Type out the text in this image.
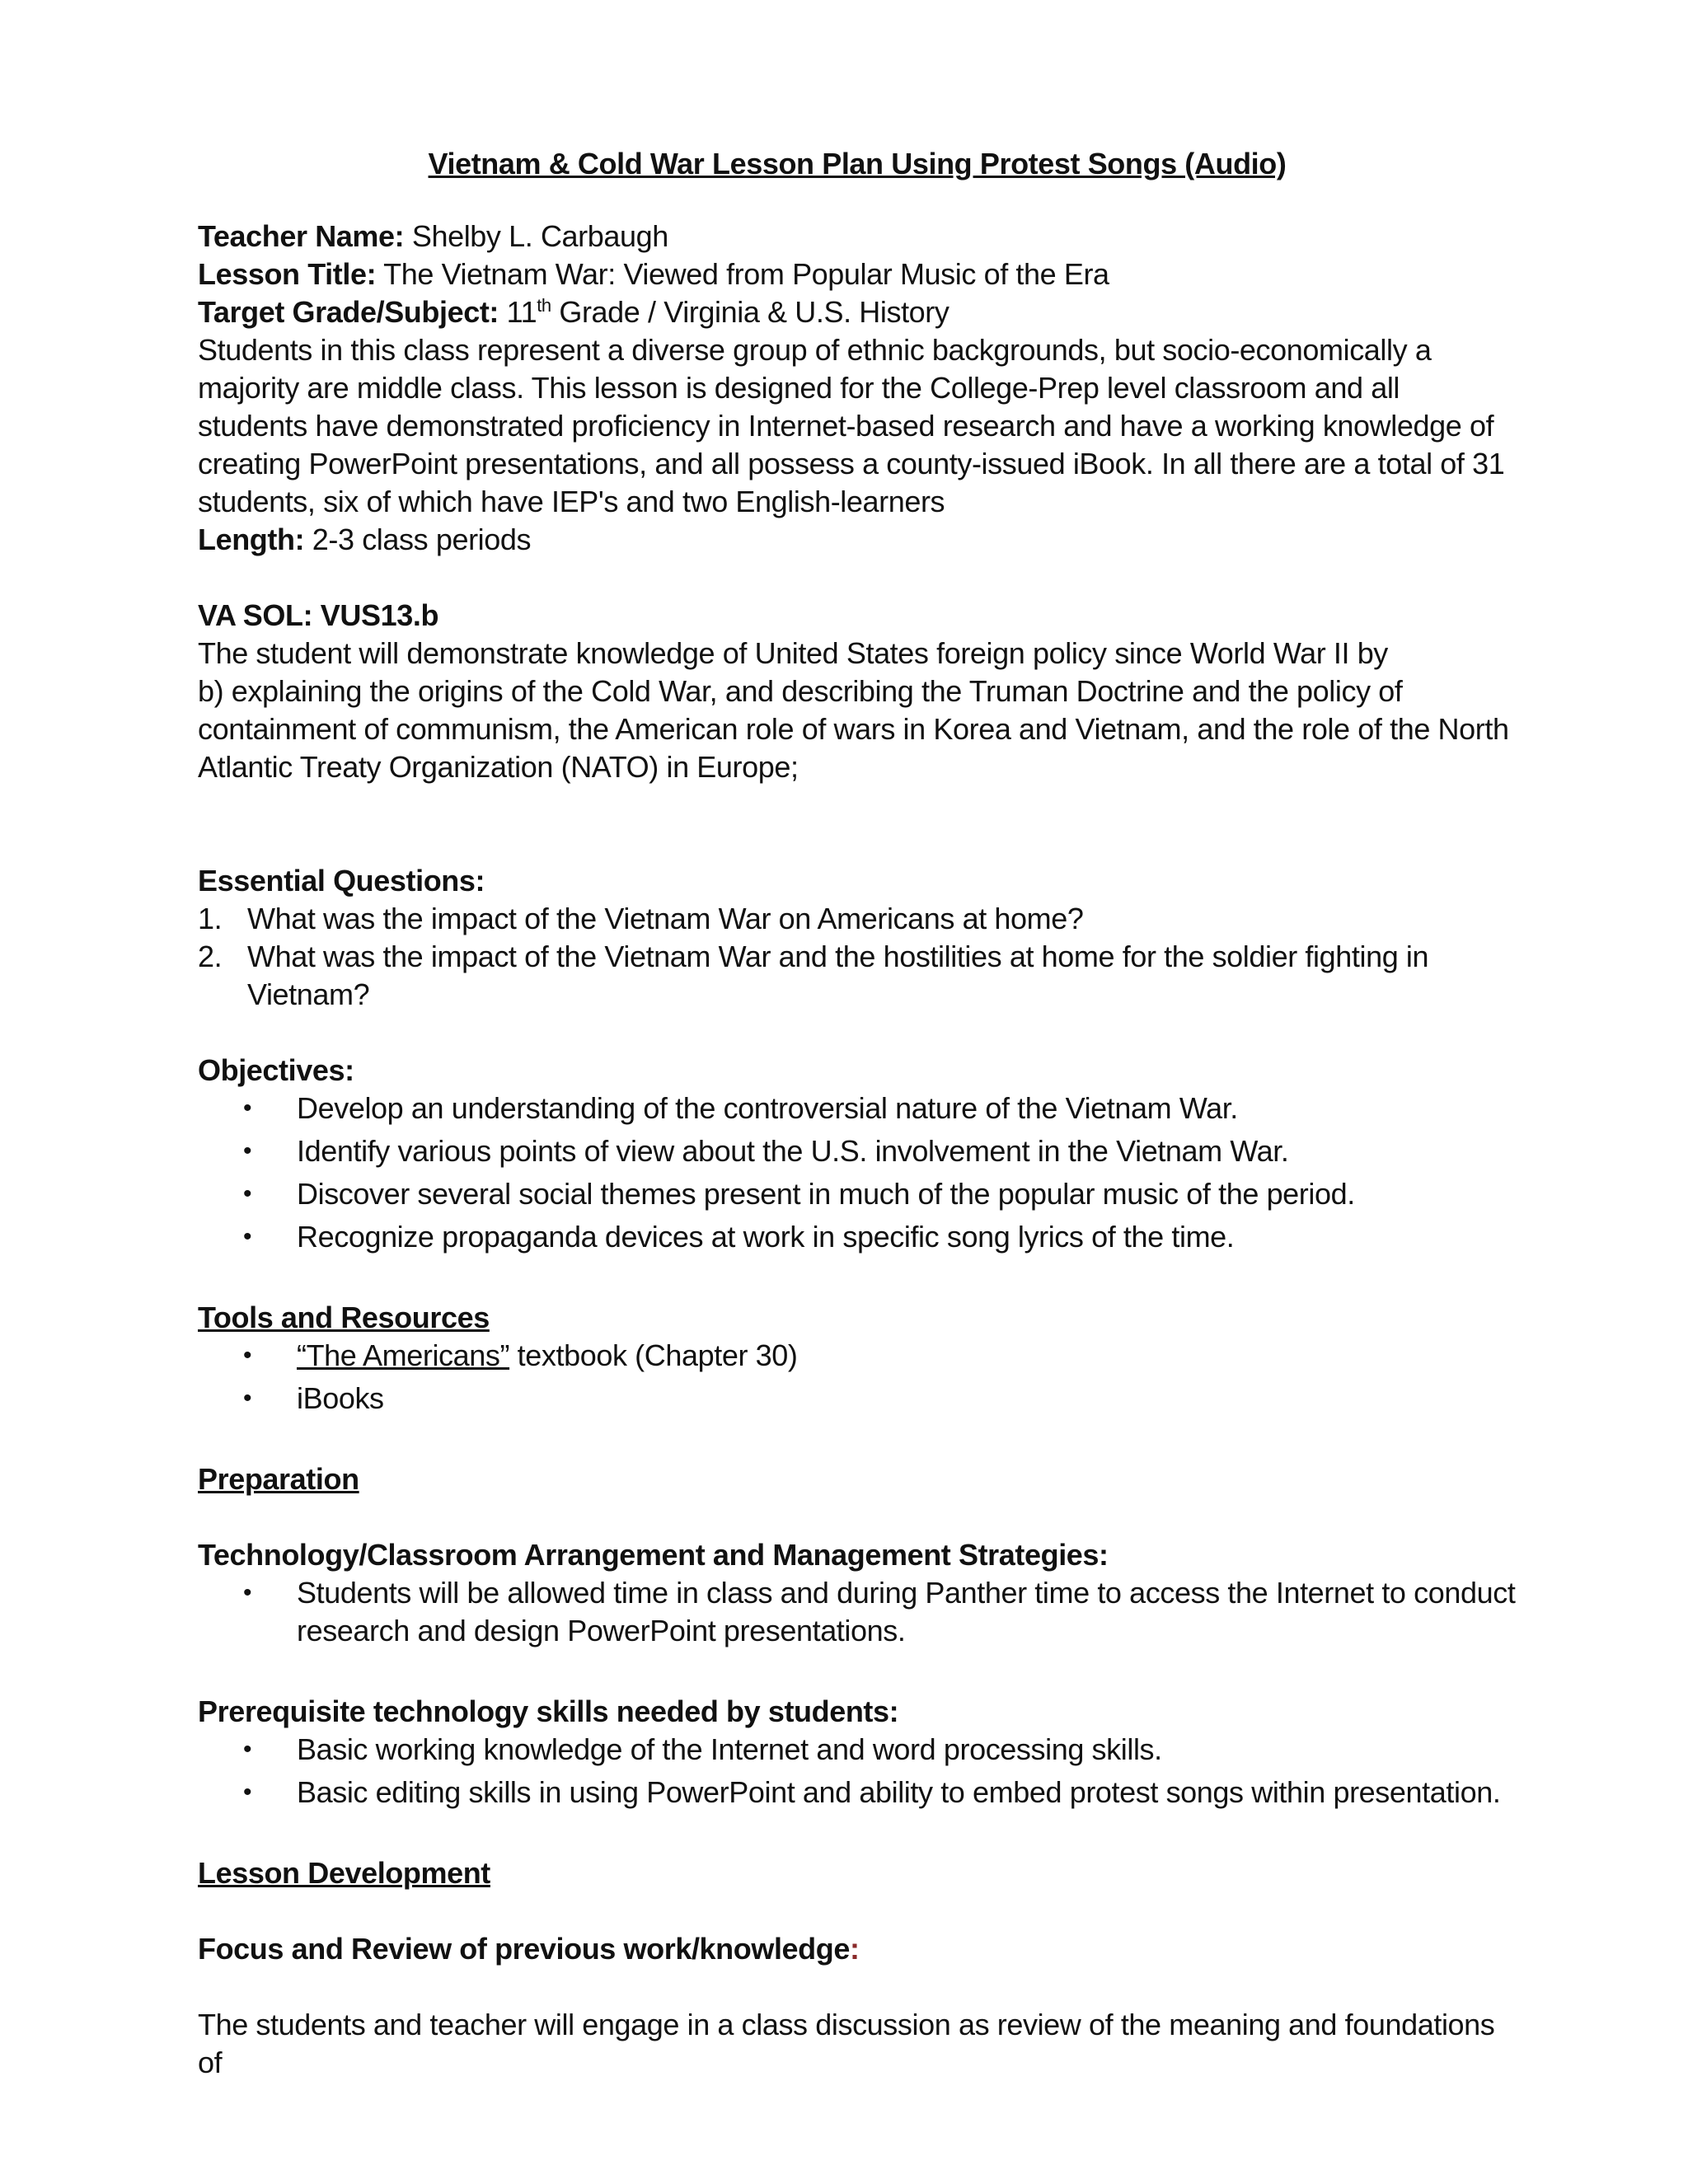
Vietnam & Cold War Lesson Plan Using Protest Songs (Audio)

Teacher Name: Shelby L. Carbaugh
Lesson Title: The Vietnam War: Viewed from Popular Music of the Era
Target Grade/Subject: 11th Grade / Virginia & U.S. History

Students in this class represent a diverse group of ethnic backgrounds, but socio-economically a majority are middle class. This lesson is designed for the College-Prep level classroom and all students have demonstrated proficiency in Internet-based research and have a working knowledge of creating PowerPoint presentations, and all possess a county-issued iBook. In all there are a total of 31 students, six of which have IEP's and two English-learners

Length: 2-3 class periods

VA SOL: VUS13.b

The student will demonstrate knowledge of United States foreign policy since World War II by

b) explaining the origins of the Cold War, and describing the Truman Doctrine and the policy of containment of communism, the American role of wars in Korea and Vietnam, and the role of the North Atlantic Treaty Organization (NATO) in Europe;

Essential Questions:

1. What was the impact of the Vietnam War on Americans at home?
2. What was the impact of the Vietnam War and the hostilities at home for the soldier fighting in Vietnam?

Objectives:

•	Develop an understanding of the controversial nature of the Vietnam War.
•	Identify various points of view about the U.S. involvement in the Vietnam War.
•	Discover several social themes present in much of the popular music of the period.
•	Recognize propaganda devices at work in specific song lyrics of the time.

Tools and Resources

•	“The Americans” textbook (Chapter 30)
•	iBooks

Preparation

Technology/Classroom Arrangement and Management Strategies:

•	Students will be allowed time in class and during Panther time to access the Internet to conduct research and design PowerPoint presentations.

Prerequisite technology skills needed by students:

•	Basic working knowledge of the Internet and word processing skills.
•	Basic editing skills in using PowerPoint and ability to embed protest songs within presentation.

Lesson Development

Focus and Review of previous work/knowledge:

The students and teacher will engage in a class discussion as review of the meaning and foundations of
